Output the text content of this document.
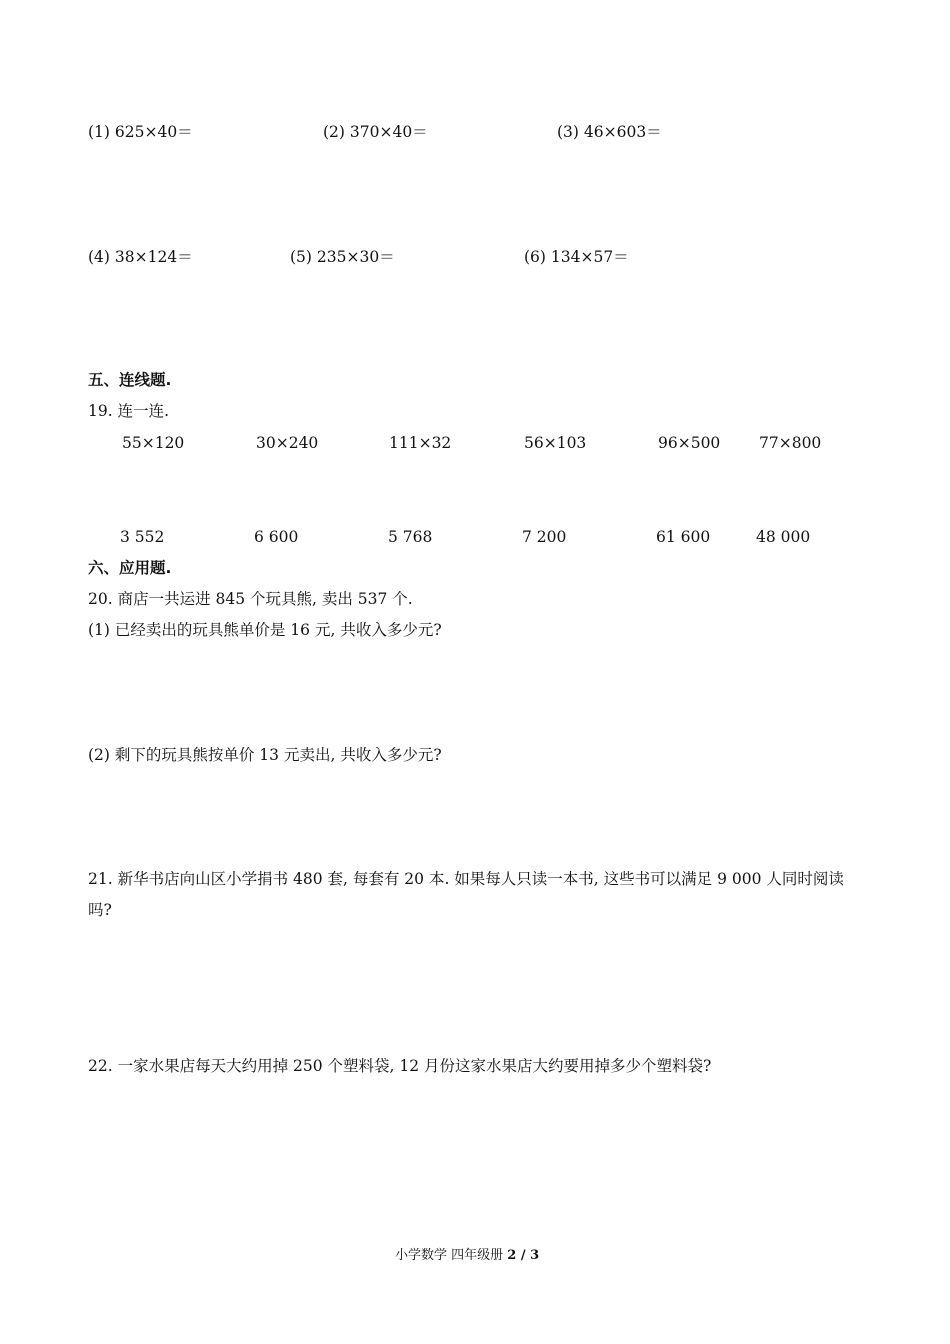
(1) 625×40＝	(2) 370×40＝	(3) 46×603＝
(4) 38×124＝	(5) 235×30＝	(6) 134×57＝
五、连线题.
19. 连一连.
55×120	30×240	111×32	56×103	96×500 77×800
3 552	6 600	5 768	7 200	61 600	48 000
六、应用题.
20. 商店一共运进 845 个玩具熊, 卖出 537 个.
(1) 已经卖出的玩具熊单价是 16 元, 共收入多少元?
(2) 剩下的玩具熊按单价 13 元卖出, 共收入多少元?
21. 新华书店向山区小学捐书 480 套, 每套有 20 本. 如果每人只读一本书, 这些书可以满足 9 000 人同时阅读
吗?
22. 一家水果店每天大约用掉 250 个塑料袋, 12 月份这家水果店大约要用掉多少个塑料袋?
小学数学 四年级册 2 / 3
